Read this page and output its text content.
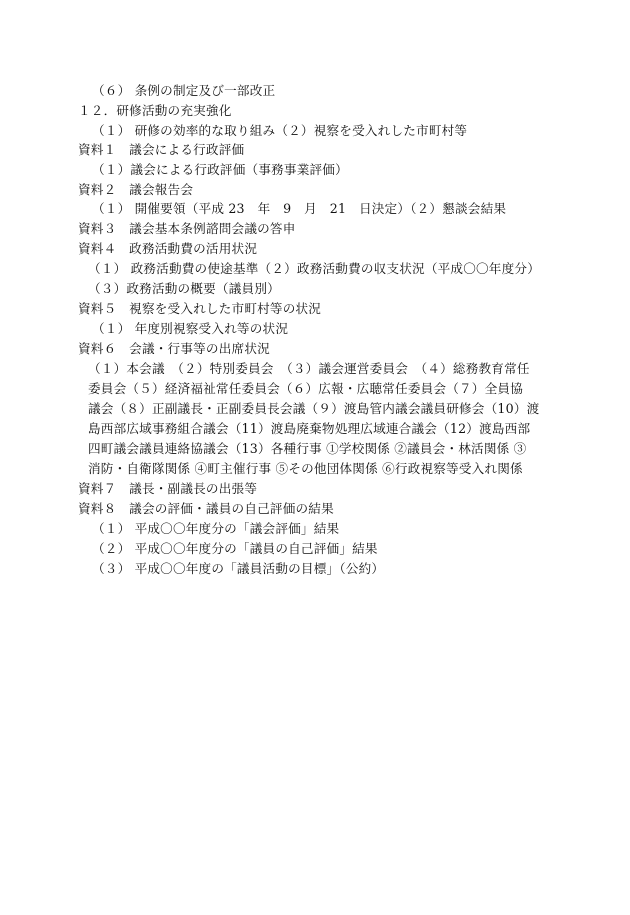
（６） 条例の制定及び一部改正
１２．研修活動の充実強化
（１） 研修の効率的な取り組み（２）視察を受入れした市町村等
資料１　議会による行政評価
（１）議会による行政評価（事務事業評価）
資料２　議会報告会
（１） 開催要領（平成 23　年　9　月　21　日決定）（２）懇談会結果
資料３　議会基本条例諮問会議の答申
資料４　政務活動費の活用状況
（１） 政務活動費の使途基準（２）政務活動費の収支状況（平成〇〇年度分）
（３）政務活動の概要（議員別）
資料５　視察を受入れした市町村等の状況
（１） 年度別視察受入れ等の状況
資料６　会議・行事等の出席状況
（１）本会議　（２）特別委員会　（３）議会運営委員会　（４）総務教育常任
委員会（５）経済福祉常任委員会（６）広報・広聴常任委員会（７）全員協
議会（８）正副議長・正副委員長会議（９）渡島管内議会議員研修会（10）渡
島西部広域事務組合議会（11）渡島廃棄物処理広域連合議会（12）渡島西部
四町議会議員連絡協議会（13）各種行事 ①学校関係 ②議員会・林活関係 ③
消防・自衛隊関係 ④町主催行事 ⑤その他団体関係 ⑥行政視察等受入れ関係
資料７　議長・副議長の出張等
資料８　議会の評価・議員の自己評価の結果
（１） 平成〇〇年度分の「議会評価」結果
（２） 平成〇〇年度分の「議員の自己評価」結果
（３） 平成〇〇年度の「議員活動の目標」（公約）
